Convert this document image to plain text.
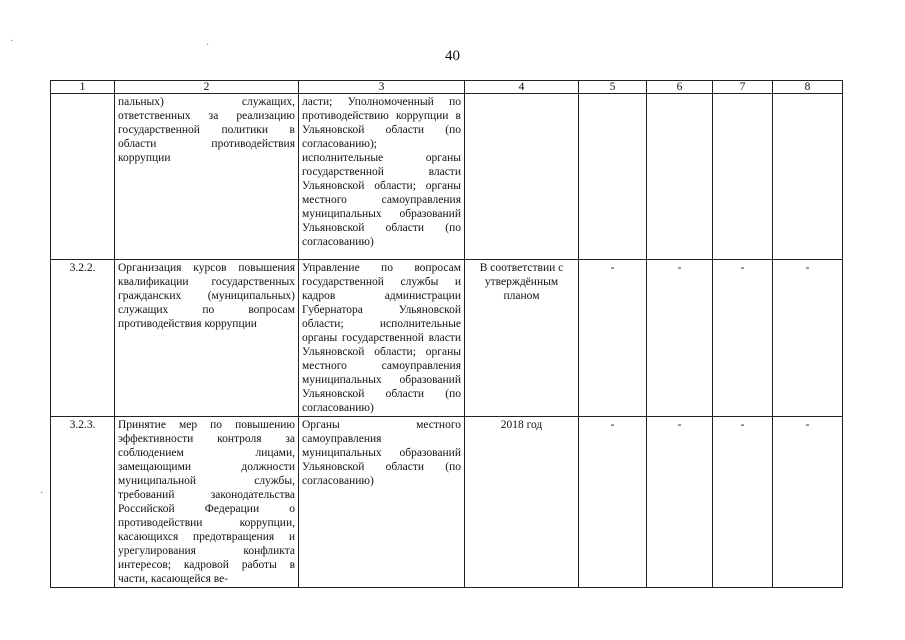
40
1	2	3	4	5	6	7	8
	пальных) служащих, ответственных за реализацию государственной политики в области противодействия коррупции	ласти; Уполномоченный по противодействию коррупции в Ульяновской области (по согласованию); исполнительные органы государственной власти Ульяновской области; органы местного самоуправления муниципальных образований Ульяновской области (по согласованию)					
3.2.2.	Организация курсов повышения квалификации государственных гражданских (муниципальных) служащих по вопросам противодействия коррупции	Управление по вопросам государственной службы и кадров администрации Губернатора Ульяновской области; исполнительные органы государственной власти Ульяновской области; органы местного самоуправления муниципальных образований Ульяновской области (по согласованию)	В соответствии с утверждённым планом	-	-	-	-
3.2.3.	Принятие мер по повышению эффективности контроля за соблюдением лицами, замещающими должности муниципальной службы, требований законодательства Российской Федерации о противодействии коррупции, касающихся предотвращения и урегулирования конфликта интересов; кадровой работы в части, касающейся ве-	Органы местного самоуправления муниципальных образований Ульяновской области (по согласованию)	2018 год	-	-	-	-
·	·
·
